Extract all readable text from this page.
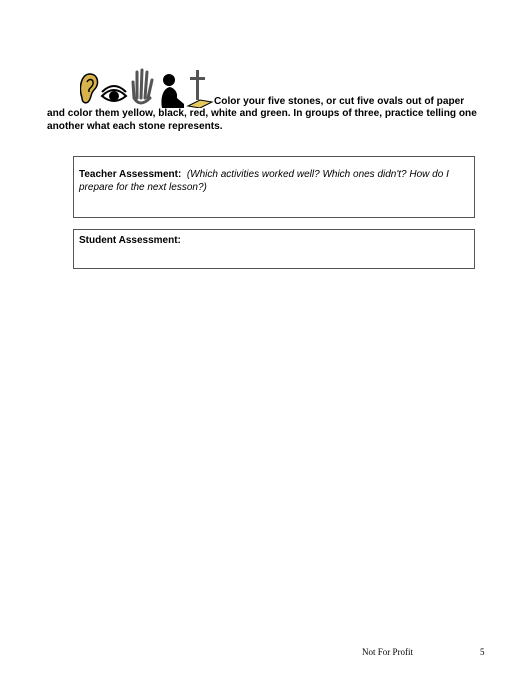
Color your five stones, or cut five ovals out of paper
and color them yellow, black, red, white and green. In groups of three, practice telling one another what each stone represents.
Teacher Assessment: (Which activities worked well? Which ones didn't? How do I prepare for the next lesson?)
Student Assessment:
Not For Profit	5
